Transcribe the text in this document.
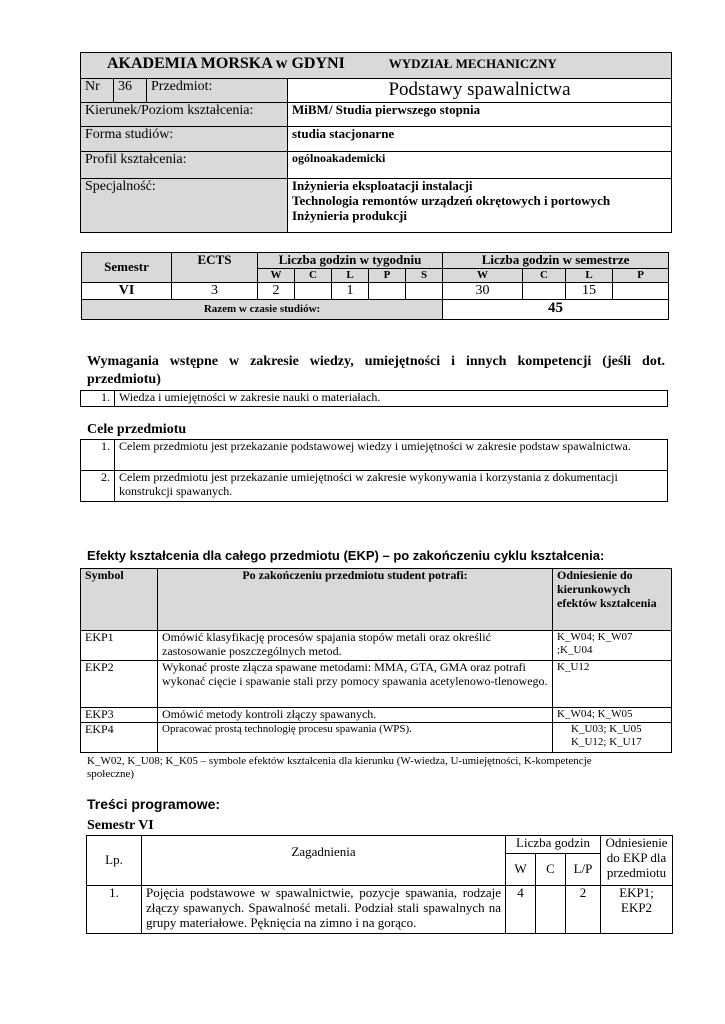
AKADEMIA MORSKA w GDYNI WYDZIAŁ MECHANICZNY			
Nr	36	Przedmiot:	Podstawy spawalnictwa
Kierunek/Poziom kształcenia:			MiBM/ Studia pierwszego stopnia
Forma studiów:			studia stacjonarne
Profil kształcenia:			ogólnoakademicki
Specjalność:			Inżynieria eksploatacji instalacji
Technologia remontów urządzeń okrętowych i portowych
Inżynieria produkcji
Semestr	ECTS	Liczba godzin w tygodniu					Liczba godzin w semestrze			
		W	C	L	P	S	W	C	L	P
VI	3	2		1			30		15	
Razem w czasie studiów:							45			
Wymagania wstępne w zakresie wiedzy, umiejętności i innych kompetencji (jeśli dot.
przedmiotu)
1.	Wiedza i umiejętności w zakresie nauki o materiałach.
Cele przedmiotu
1.	Celem przedmiotu jest przekazanie podstawowej wiedzy i umiejętności w zakresie podstaw spawalnictwa.
2.	Celem przedmiotu jest przekazanie umiejętności w zakresie wykonywania i korzystania z dokumentacji konstrukcji spawanych.
Efekty kształcenia dla całego przedmiotu (EKP) – po zakończeniu cyklu kształcenia:
Symbol	Po zakończeniu przedmiotu student potrafi:	Odniesienie do kierunkowych efektów kształcenia
EKP1	Omówić klasyfikację procesów spajania stopów metali oraz określić zastosowanie poszczególnych metod.	K_W04; K_W07 ;K_U04
EKP2	Wykonać proste złącza spawane metodami: MMA, GTA, GMA oraz potrafi wykonać cięcie i spawanie stali przy pomocy spawania acetylenowo-tlenowego.	K_U12
EKP3	Omówić metody kontroli złączy spawanych.	K_W04; K_W05
EKP4	Opracować prostą technologię procesu spawania (WPS).	K_U03; K_U05 K_U12; K_U17
K_W02, K_U08; K_K05 – symbole efektów kształcenia dla kierunku (W-wiedza, U-umiejętności, K-kompetencje
społeczne)
Treści programowe:
Semestr VI
Lp.	Zagadnienia	Liczba godzin			Odniesienie do EKP dla przedmiotu
		W	C	L/P	
1.	Pojęcia podstawowe w spawalnictwie, pozycje spawania, rodzaje złączy spawanych. Spawalność metali. Podział stali spawalnych na grupy materiałowe. Pęknięcia na zimno i na gorąco.	4		2	EKP1; EKP2
